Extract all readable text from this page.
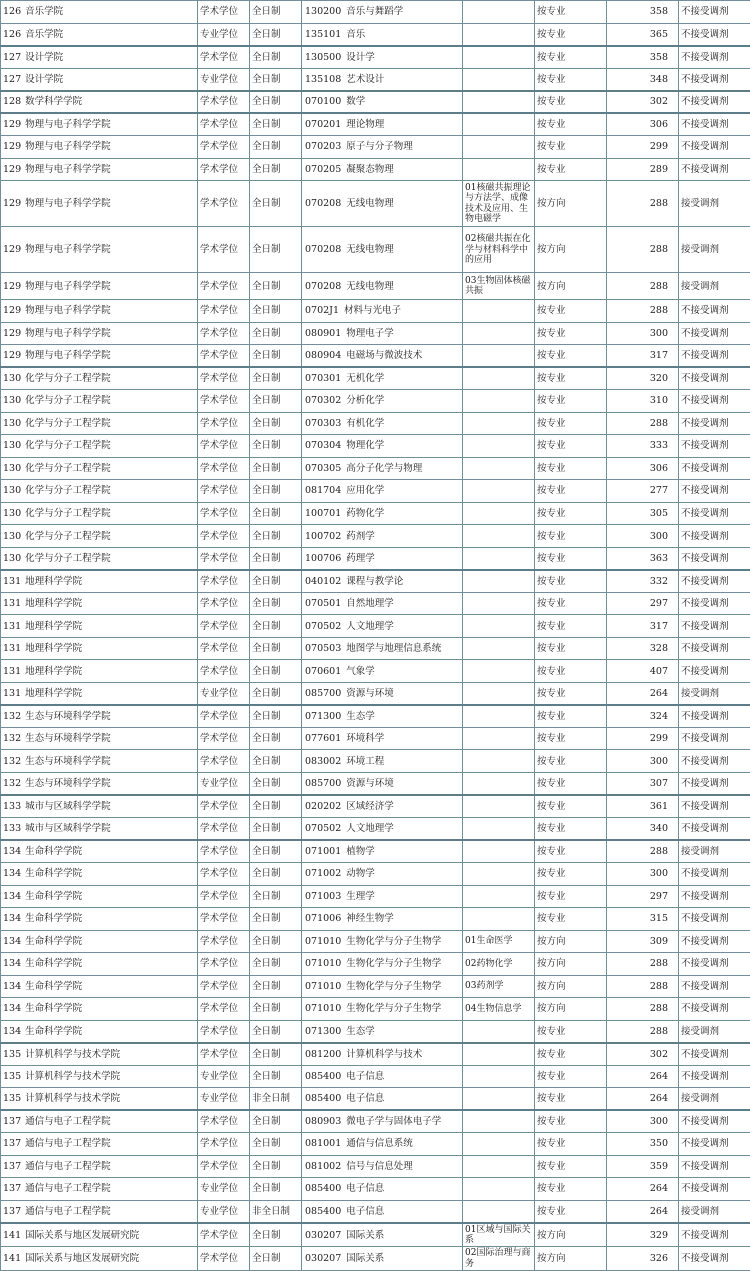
126 音乐学院	学术学位	全日制	130200 音乐与舞蹈学		按专业	358	不接受调剂
126 音乐学院	专业学位	全日制	135101 音乐		按专业	365	不接受调剂
127 设计学院	学术学位	全日制	130500 设计学		按专业	358	不接受调剂
127 设计学院	专业学位	全日制	135108 艺术设计		按专业	348	不接受调剂
128 数学科学学院	学术学位	全日制	070100 数学		按专业	302	不接受调剂
129 物理与电子科学学院	学术学位	全日制	070201 理论物理		按专业	306	不接受调剂
129 物理与电子科学学院	学术学位	全日制	070203 原子与分子物理		按专业	299	不接受调剂
129 物理与电子科学学院	学术学位	全日制	070205 凝聚态物理		按专业	289	不接受调剂
129 物理与电子科学学院	学术学位	全日制	070208 无线电物理	01核磁共振理论与方法学、成像技术及应用、生物电磁学	按方向	288	接受调剂
129 物理与电子科学学院	学术学位	全日制	070208 无线电物理	02核磁共振在化学与材料科学中的应用	按方向	288	接受调剂
129 物理与电子科学学院	学术学位	全日制	070208 无线电物理	03生物固体核磁共振	按方向	288	接受调剂
129 物理与电子科学学院	学术学位	全日制	0702J1 材料与光电子		按专业	288	不接受调剂
129 物理与电子科学学院	学术学位	全日制	080901 物理电子学		按专业	300	不接受调剂
129 物理与电子科学学院	学术学位	全日制	080904 电磁场与微波技术		按专业	317	不接受调剂
130 化学与分子工程学院	学术学位	全日制	070301 无机化学		按专业	320	不接受调剂
130 化学与分子工程学院	学术学位	全日制	070302 分析化学		按专业	310	不接受调剂
130 化学与分子工程学院	学术学位	全日制	070303 有机化学		按专业	288	不接受调剂
130 化学与分子工程学院	学术学位	全日制	070304 物理化学		按专业	333	不接受调剂
130 化学与分子工程学院	学术学位	全日制	070305 高分子化学与物理		按专业	306	不接受调剂
130 化学与分子工程学院	学术学位	全日制	081704 应用化学		按专业	277	不接受调剂
130 化学与分子工程学院	学术学位	全日制	100701 药物化学		按专业	305	不接受调剂
130 化学与分子工程学院	学术学位	全日制	100702 药剂学		按专业	300	不接受调剂
130 化学与分子工程学院	学术学位	全日制	100706 药理学		按专业	363	不接受调剂
131 地理科学学院	学术学位	全日制	040102 课程与教学论		按专业	332	不接受调剂
131 地理科学学院	学术学位	全日制	070501 自然地理学		按专业	297	不接受调剂
131 地理科学学院	学术学位	全日制	070502 人文地理学		按专业	317	不接受调剂
131 地理科学学院	学术学位	全日制	070503 地图学与地理信息系统		按专业	328	不接受调剂
131 地理科学学院	学术学位	全日制	070601 气象学		按专业	407	不接受调剂
131 地理科学学院	专业学位	全日制	085700 资源与环境		按专业	264	接受调剂
132 生态与环境科学学院	学术学位	全日制	071300 生态学		按专业	324	不接受调剂
132 生态与环境科学学院	学术学位	全日制	077601 环境科学		按专业	299	不接受调剂
132 生态与环境科学学院	学术学位	全日制	083002 环境工程		按专业	300	不接受调剂
132 生态与环境科学学院	专业学位	全日制	085700 资源与环境		按专业	307	不接受调剂
133 城市与区域科学学院	学术学位	全日制	020202 区域经济学		按专业	361	不接受调剂
133 城市与区域科学学院	学术学位	全日制	070502 人文地理学		按专业	340	不接受调剂
134 生命科学学院	学术学位	全日制	071001 植物学		按专业	288	接受调剂
134 生命科学学院	学术学位	全日制	071002 动物学		按专业	300	不接受调剂
134 生命科学学院	学术学位	全日制	071003 生理学		按专业	297	不接受调剂
134 生命科学学院	学术学位	全日制	071006 神经生物学		按专业	315	不接受调剂
134 生命科学学院	学术学位	全日制	071010 生物化学与分子生物学	01生命医学	按方向	309	不接受调剂
134 生命科学学院	学术学位	全日制	071010 生物化学与分子生物学	02药物化学	按方向	288	不接受调剂
134 生命科学学院	学术学位	全日制	071010 生物化学与分子生物学	03药剂学	按方向	288	不接受调剂
134 生命科学学院	学术学位	全日制	071010 生物化学与分子生物学	04生物信息学	按方向	288	不接受调剂
134 生命科学学院	学术学位	全日制	071300 生态学		按专业	288	接受调剂
135 计算机科学与技术学院	学术学位	全日制	081200 计算机科学与技术		按专业	302	不接受调剂
135 计算机科学与技术学院	专业学位	全日制	085400 电子信息		按专业	264	不接受调剂
135 计算机科学与技术学院	专业学位	非全日制	085400 电子信息		按专业	264	接受调剂
137 通信与电子工程学院	学术学位	全日制	080903 微电子学与固体电子学		按专业	300	不接受调剂
137 通信与电子工程学院	学术学位	全日制	081001 通信与信息系统		按专业	350	不接受调剂
137 通信与电子工程学院	学术学位	全日制	081002 信号与信息处理		按专业	359	不接受调剂
137 通信与电子工程学院	专业学位	全日制	085400 电子信息		按专业	264	不接受调剂
137 通信与电子工程学院	专业学位	非全日制	085400 电子信息		按专业	264	接受调剂
141 国际关系与地区发展研究院	学术学位	全日制	030207 国际关系	01区域与国际关系	按方向	329	不接受调剂
141 国际关系与地区发展研究院	学术学位	全日制	030207 国际关系	02国际治理与商务	按方向	326	不接受调剂
